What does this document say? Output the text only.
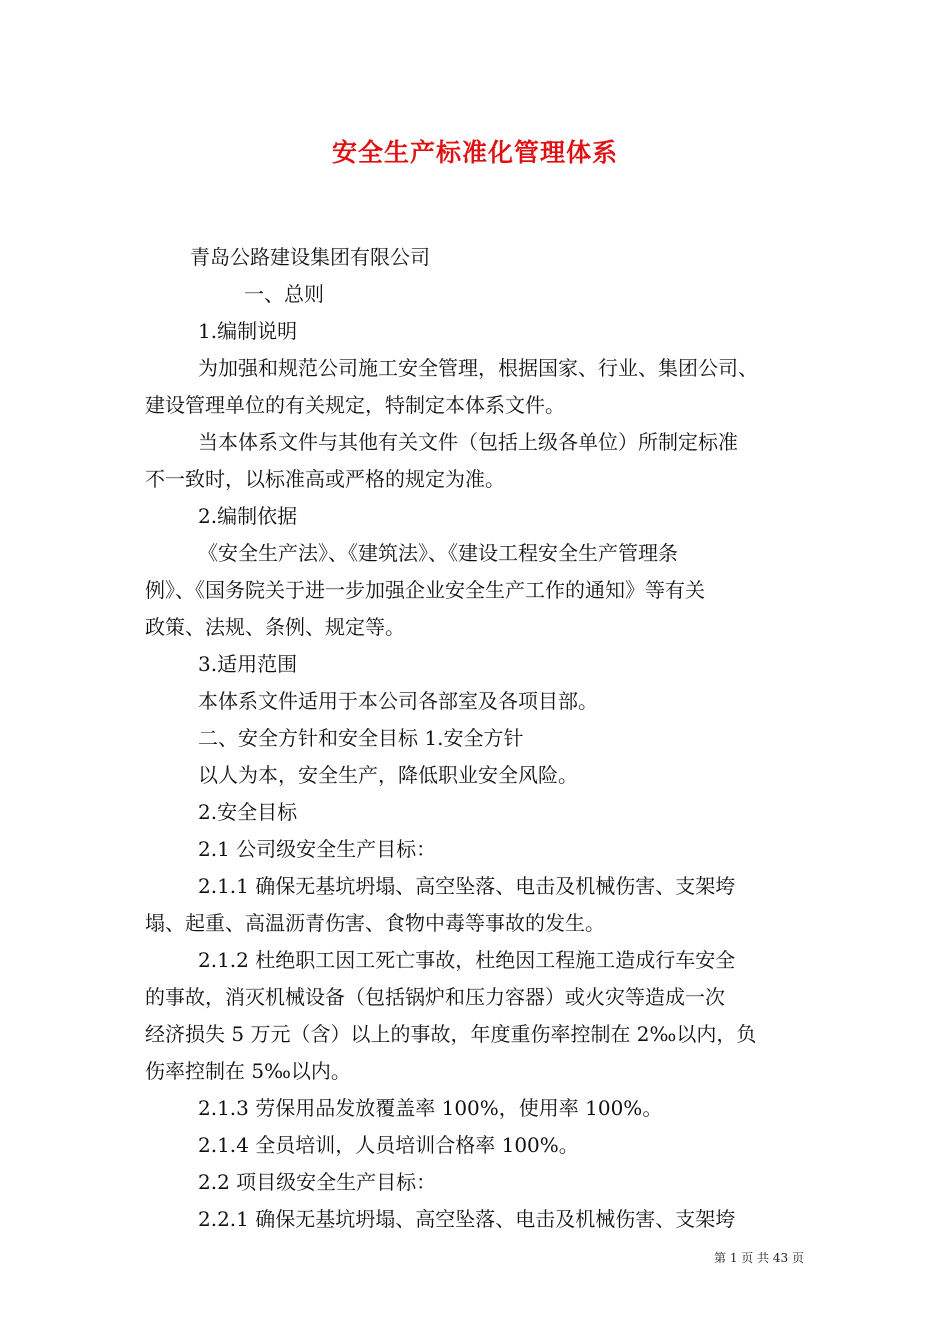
安全生产标准化管理体系
青岛公路建设集团有限公司
一、总则
1.编制说明
为加强和规范公司施工安全管理，根据国家、行业、集团公司、
建设管理单位的有关规定，特制定本体系文件。
当本体系文件与其他有关文件（包括上级各单位）所制定标准
不一致时，以标准高或严格的规定为准。
2.编制依据
《安全生产法》、《建筑法》、《建设工程安全生产管理条
例》、《国务院关于进一步加强企业安全生产工作的通知》等有关
政策、法规、条例、规定等。
3.适用范围
本体系文件适用于本公司各部室及各项目部。
二、安全方针和安全目标 1.安全方针
以人为本，安全生产，降低职业安全风险。
2.安全目标
2.1 公司级安全生产目标：
2.1.1 确保无基坑坍塌、高空坠落、电击及机械伤害、支架垮
塌、起重、高温沥青伤害、食物中毒等事故的发生。
2.1.2 杜绝职工因工死亡事故，杜绝因工程施工造成行车安全
的事故，消灭机械设备（包括锅炉和压力容器）或火灾等造成一次
经济损失 5 万元（含）以上的事故，年度重伤率控制在 2‰以内，负
伤率控制在 5‰以内。
2.1.3 劳保用品发放覆盖率 100%，使用率 100%。
2.1.4 全员培训，人员培训合格率 100%。
2.2 项目级安全生产目标：
2.2.1 确保无基坑坍塌、高空坠落、电击及机械伤害、支架垮
第 1 页 共 43 页
